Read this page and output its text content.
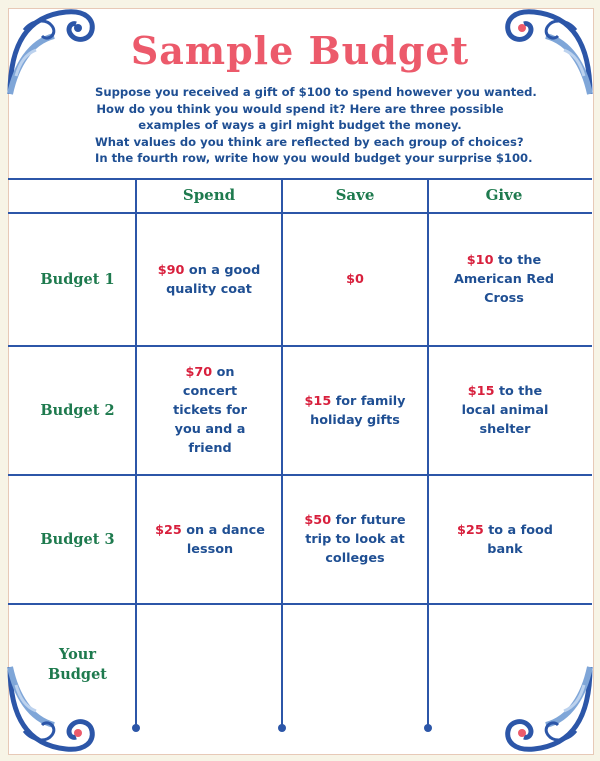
Sample Budget
Suppose you received a gift of $100 to spend however you wanted.
How do you think you would spend it? Here are three possible
examples of ways a girl might budget the money.
What values do you think are reflected by each group of choices?
In the fourth row, write how you would budget your surprise $100.
Spend	Save	Give
Budget 1
Budget 2
Budget 3
Your Budget
$90 on a good quality coat
$0
$10 to the American Red Cross
$70 on concert tickets for you and a friend
$15 for family holiday gifts
$15 to the local animal shelter
$25 on a dance lesson
$50 for future trip to look at colleges
$25 to a food bank
